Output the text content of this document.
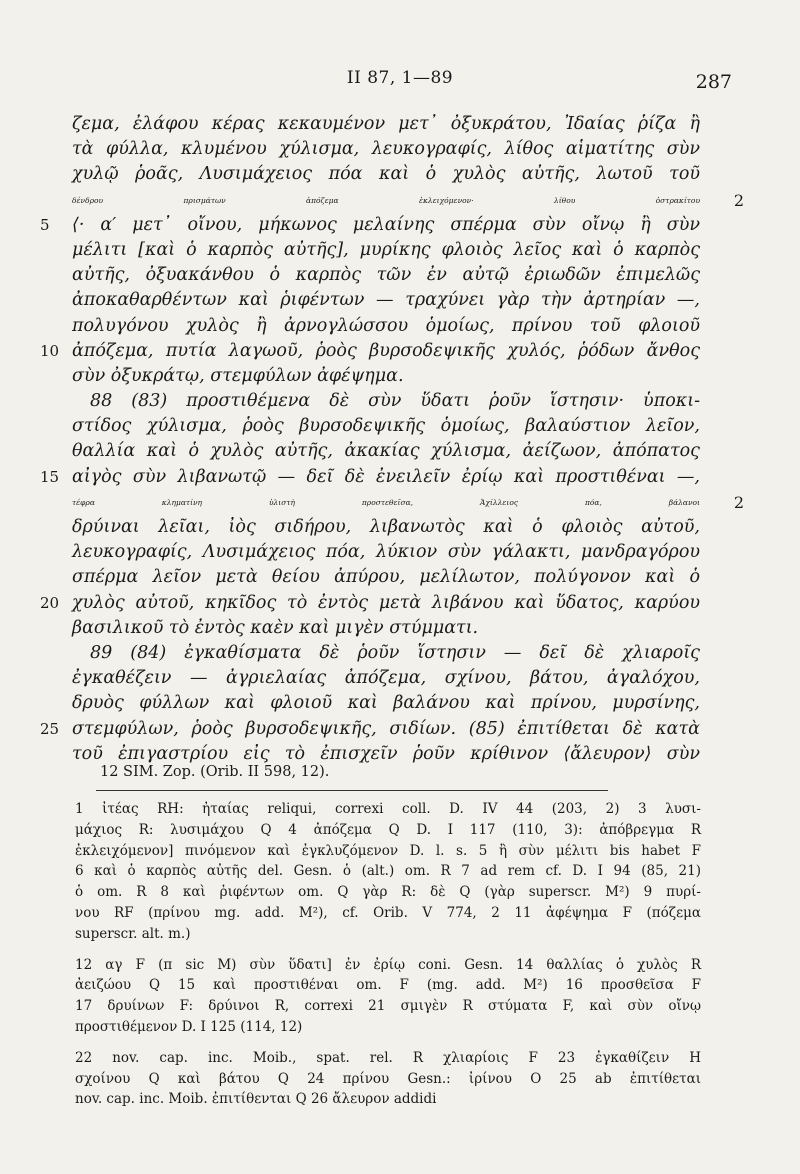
II 87, 1—89	287
ζεμα, ἐλάφου κέρας κεκαυμένον μετ᾽ ὀξυκράτου, Ἰδαίας ῥίζα ἢ
τὰ φύλλα, κλυμένου χύλισμα, λευκογραφίς, λίθος αἱματίτης σὺν
χυλῷ ῥοᾶς, Λυσιμάχειος πόα καὶ ὁ χυλὸς αὐτῆς, λωτοῦ τοῦ
δένδρου πρισμάτων ἀπόζεμα ἐκλειχόμενον· λίθου ὀστρακίτου 2
⟨· α′ μετ᾽ οἴνου, μήκωνος μελαίνης σπέρμα σὺν οἴνῳ ἢ σὺν
5
μέλιτι [καὶ ὁ καρπὸς αὐτῆς], μυρίκης φλοιὸς λεῖος καὶ ὁ καρπὸς
αὐτῆς, ὀξυακάνθου ὁ καρπὸς τῶν ἐν αὐτῷ ἐριωδῶν ἐπιμελῶς
ἀποκαθαρθέντων καὶ ῥιφέντων — τραχύνει γὰρ τὴν ἀρτηρίαν —,
πολυγόνου χυλὸς ἢ ἀρνογλώσσου ὁμοίως, πρίνου τοῦ φλοιοῦ
ἀπόζεμα, πυτία λαγωοῦ, ῥοὸς βυρσοδεψικῆς χυλός, ῥόδων ἄνθος
10
σὺν ὀξυκράτῳ, στεμφύλων ἀφέψημα.
88 (83) προστιθέμενα δὲ σὺν ὕδατι ῥοῦν ἵστησιν· ὑποκι-
στίδος χύλισμα, ῥοὸς βυρσοδεψικῆς ὁμοίως, βαλαύστιον λεῖον,
θαλλία καὶ ὁ χυλὸς αὐτῆς, ἀκακίας χύλισμα, ἀείζωον, ἀπόπατος
αἰγὸς σὺν λιβανωτῷ — δεῖ δὲ ἐνειλεῖν ἐρίῳ καὶ προστιθέναι —,
15
τέφρα κληματίνη ὑλιστὴ προστεθεῖσα, Ἀχίλλειος πόα, βάλανοι 2
δρύιναι λεῖαι, ἰὸς σιδήρου, λιβανωτὸς καὶ ὁ φλοιὸς αὐτοῦ,
λευκογραφίς, Λυσιμάχειος πόα, λύκιον σὺν γάλακτι, μανδραγόρου
σπέρμα λεῖον μετὰ θείου ἀπύρου, μελίλωτον, πολύγονον καὶ ὁ
χυλὸς αὐτοῦ, κηκῖδος τὸ ἐντὸς μετὰ λιβάνου καὶ ὕδατος, καρύου
20
βασιλικοῦ τὸ ἐντὸς καὲν καὶ μιγὲν στύμματι.
89 (84) ἐγκαθίσματα δὲ ῥοῦν ἵστησιν — δεῖ δὲ χλιαροῖς
ἐγκαθέζειν — ἀγριελαίας ἀπόζεμα, σχίνου, βάτου, ἀγαλόχου,
δρυὸς φύλλων καὶ φλοιοῦ καὶ βαλάνου καὶ πρίνου, μυρσίνης,
στεμφύλων, ῥοὸς βυρσοδεψικῆς, σιδίων. (85) ἐπιτίθεται δὲ κατὰ
25
τοῦ ἐπιγαστρίου εἰς τὸ ἐπισχεῖν ῥοῦν κρίθινον ⟨ἄλευρον⟩ σὺν
12 SIM. Zop. (Orib. II 598, 12).
1 ἰτέας RH: ἠταίας reliqui, correxi coll. D. IV 44 (203, 2) 3 λυσι-
μάχιος R: λυσιμάχου Q 4 ἀπόζεμα Q D. I 117 (110, 3): ἀπόβρεγμα R
ἐκλειχόμενον] πινόμενον καὶ ἐγκλυζόμενον D. l. s. 5 ἢ σὺν μέλιτι bis habet F
6 καὶ ὁ καρπὸς αὐτῆς del. Gesn. ὁ (alt.) om. R 7 ad rem cf. D. I 94 (85, 21)
ὁ om. R 8 καὶ ῥιφέντων om. Q γὰρ R: δὲ Q (γὰρ superscr. M²) 9 πυρί-
νου RF (πρίνου mg. add. M²), cf. Orib. V 774, 2 11 ἀφέψημα F (πόζεμα
superscr. alt. m.)
12 αγ F (π sic M) σὺν ὕδατι] ἐν ἐρίῳ coni. Gesn. 14 θαλλίας ὁ χυλὸς R
ἀειζώου Q 15 καὶ προστιθέναι om. F (mg. add. M²) 16 προσθεῖσα F
17 δρυίνων F: δρύινοι R, correxi 21 σμιγὲν R στύματα F, καὶ σὺν οἴνῳ
προστιθέμενον D. I 125 (114, 12)
22 nov. cap. inc. Moib., spat. rel. R χλιαρίοις F 23 ἐγκαθίζειν H
σχοίνου Q καὶ βάτου Q 24 πρίνου Gesn.: ἰρίνου O 25 ab ἐπιτίθεται
nov. cap. inc. Moib. ἐπιτίθενται Q 26 ἄλευρον addidi
